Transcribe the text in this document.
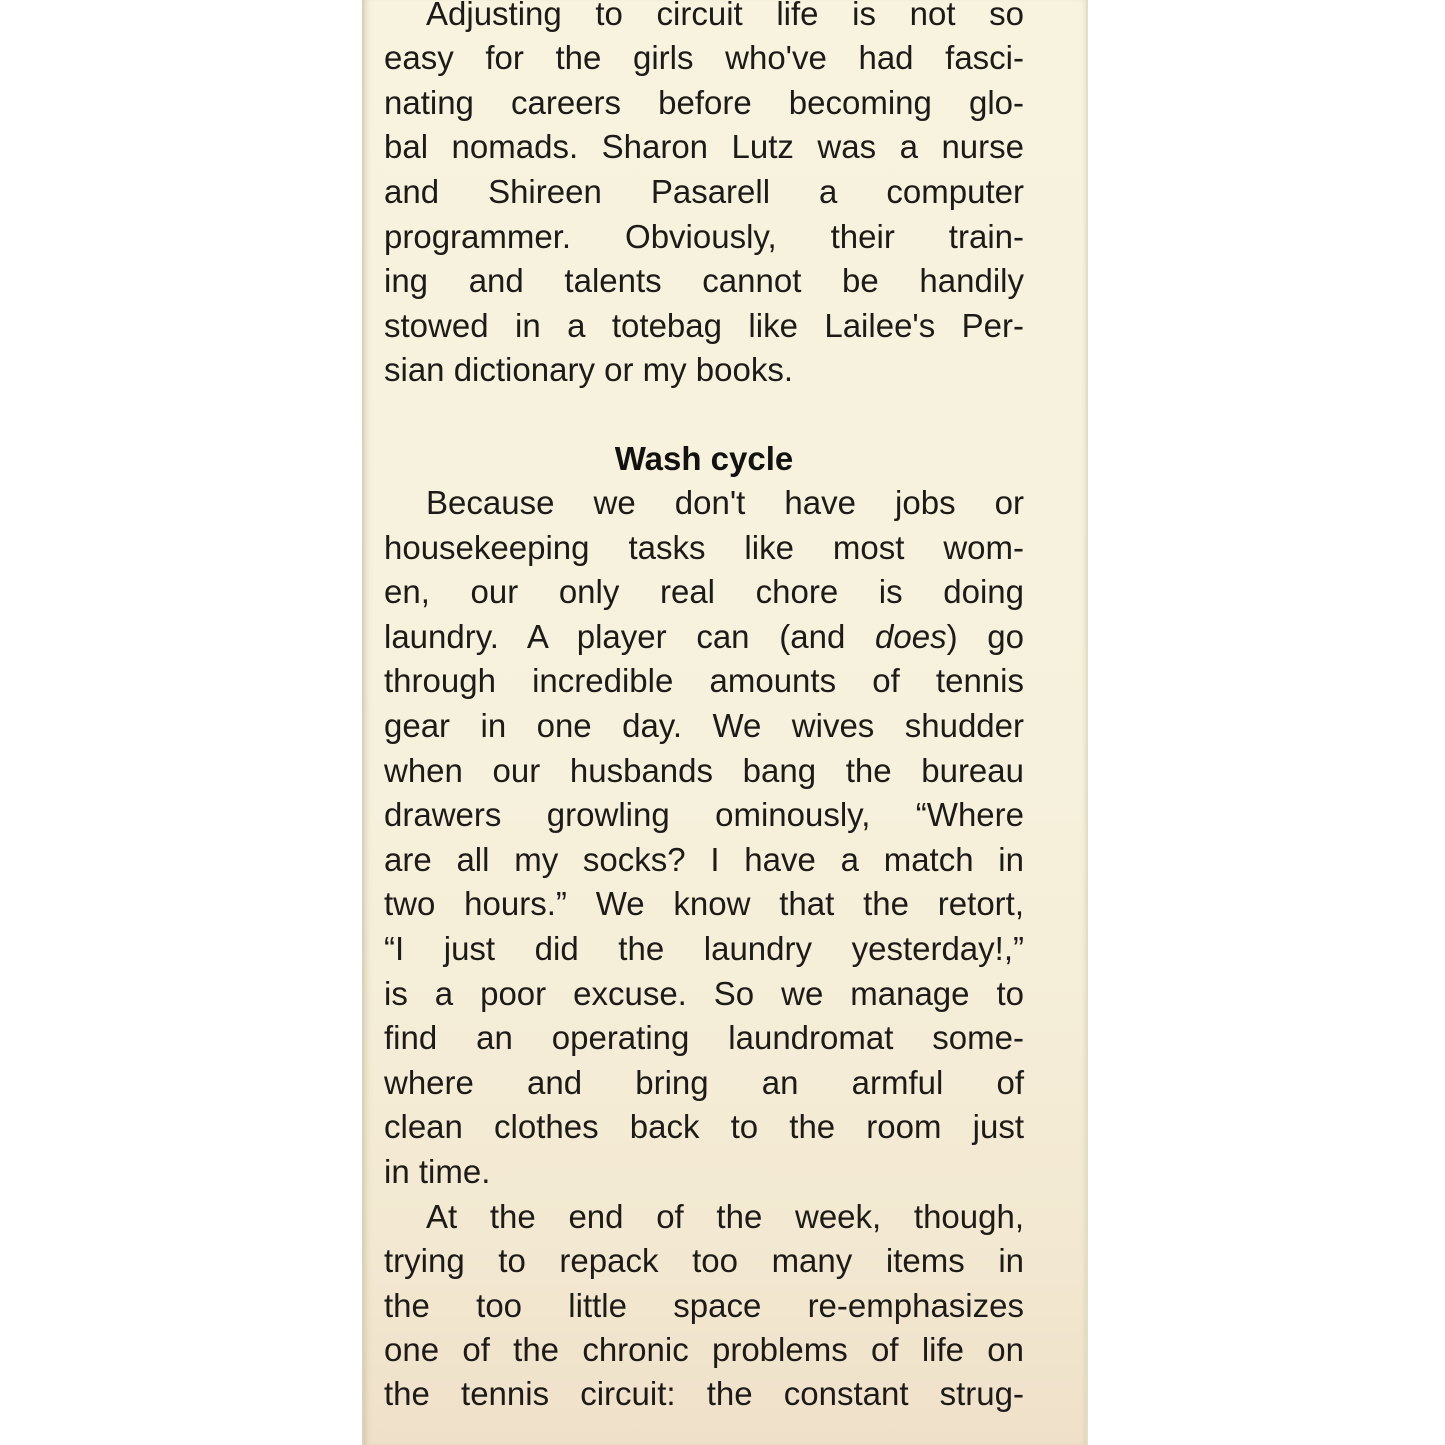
Adjusting to circuit life is not so

easy for the girls who've had fasci-

nating careers before becoming glo-

bal nomads. Sharon Lutz was a nurse

and Shireen Pasarell a computer

programmer. Obviously, their train-

ing and talents cannot be handily

stowed in a totebag like Lailee's Per-

sian dictionary or my books.

Wash cycle

Because we don't have jobs or

housekeeping tasks like most wom-

en, our only real chore is doing

laundry. A player can (and does) go

through incredible amounts of tennis

gear in one day. We wives shudder

when our husbands bang the bureau

drawers growling ominously, “Where

are all my socks? I have a match in

two hours.” We know that the retort,

“I just did the laundry yesterday!,”

is a poor excuse. So we manage to

find an operating laundromat some-

where and bring an armful of

clean clothes back to the room just

in time.

At the end of the week, though,

trying to repack too many items in

the too little space re-emphasizes

one of the chronic problems of life on

the tennis circuit: the constant strug-
